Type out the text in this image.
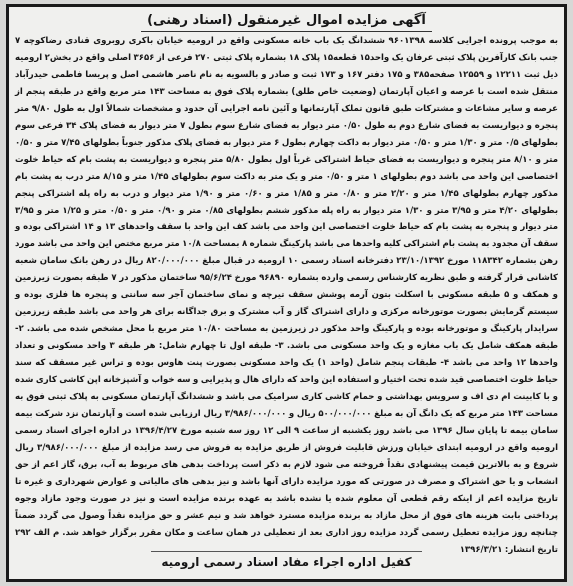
آگهی مزایده اموال غیرمنقول (اسناد رهنی)
به موجب پرونده اجرایی کلاسه ۹۶۰۱۳۹۸ ششدانگ یک باب خانه مسکونی واقع در ارومیه خیابان باکری روبروی قنادی رضاکوچه ۷ جنب بانک کارآفرین پلاک ثبتی عرفان یک واحد۱۵ قطعه۱۵ پلاک ۱۸ بشماره پلاک ثبتی ۲۷۰ فرعی از ۳۶۵۶ اصلی واقع در بخش۲ ارومیه ذیل ثبت ۱۲۲۱۱ و ۱۲۵۵۹ صفحه۳۸۵ و ۱۷۵ دفتر ۱۶۷ و ۱۷۳ ثبت و صادر و بالسویه به نام ناصر هاشمی اصل و پریسا فاطمی حیدرآباد منتقل شده است با عرصه و اعیان آپارتمان (وضعیت خاص طلق) بشماره پلاک فوق به مساحت ۱۴۳ متر مربع واقع در طبقه پنجم از عرصه و سایر مشاعات و مشترکات طبق قانون تملک آپارتمانها و آئین نامه اجرایی آن حدود و مشخصات شمالاً اول به طول ۹/۸۰ متر پنجره و دیواریست به فضای شارع دوم به طول ۰/۵۰ متر دیوار به فضای شارع سوم بطول ۷ متر دیوار به فضای پلاک ۳۴ فرعی سوم بطولهای ۰/۵ متر و ۱/۳۰ متر و ۰/۵۰ متر دیوار به داکت چهارم بطول ۶ متر دیوار به فضای پلاک مذکور جنوباً بطولهای ۷/۴۵ متر و ۰/۵۰ متر و ۸/۱۰ متر پنجره و دیواریست به فضای حیاط اشتراکی غرباً اول بطول ۵/۸۰ متر پنجره و دیواریست به پشت بام که حیاط خلوت اختصاصی این واحد می باشد دوم بطولهای ۱ متر و ۰/۵۰ متر و یک متر به داکت سوم بطولهای ۱/۴۵ متر و ۸/۱۵ متر درب به پشت بام مذکور چهارم بطولهای ۱/۴۵ متر و ۲/۲۰ متر و ۰/۸۰ متر و ۱/۸۵ متر و ۰/۶۰ متر و ۱/۹۰ متر دیوار و درب به راه پله اشتراکی پنجم بطولهای ۴/۲۰ متر و ۳/۹۵ متر و ۱/۳۰ متر دیوار به راه پله مذکور ششم بطولهای ۰/۸۵ متر و ۰/۹۰ متر و ۰/۵۰ متر و ۱/۲۵ متر و ۳/۹۵ متر دیوار و پنجره به پشت بام که حیاط خلوت اختصاصی این واحد می باشد کف این واحد با سقف واحدهای ۱۳ و ۱۴ اشتراکی بوده و سقف آن مجدود به پشت بام اشتراکی کلیه واحدها می باشد پارکینگ شماره ۸ بمساحت ۱۰/۸ متر مربع مختص این واحد می باشد مورد رهن بشماره ۱۱۸۳۴۲ مورخ ۲۳/۱۰/۱۳۹۲ دفترخانه اسناد رسمی ۱۰ ارومیه در قبال مبلغ ۸۲۰/۰۰۰/۰۰۰ ریال در رهن بانک سامان شعبه کاشانی قرار گرفته و طبق نظریه کارشناس رسمی وارده بشماره ۹۶۸۹۰ مورخ ۹۵/۶/۲۴ ساختمان مذکور در ۷ طبقه بصورت زیرزمین و همکف و ۵ طبقه مسکونی با اسکلت بتون آرمه پوشش سقف تیرچه و نمای ساختمان آجر سه سانتی و پنجره ها فلزی بوده و سیستم گرمایش بصورت موتورخانه مرکزی و دارای اشتراک گاز و آب مشترک و برق جداگانه برای هر واحد می باشد طبقه زیرزمین سرایدار پارکینگ و موتورخانه بوده و پارکینگ واحد مذکور در زیرزمین به مساحت ۱۰/۸۰ متر مربع با محل مشخص شده می باشد. ۲- طبقه همکف شامل یک باب مغازه و یک واحد مسکونی می باشد. ۳- طبقه اول تا چهارم شامل: هر طبقه ۳ واحد مسکونی و تعداد واحدها ۱۲ واحد می باشد ۴- طبقات پنجم شامل (واحد ۱) یک واحد مسکونی بصورت پنت هاوس بوده و تراس غیر مسقف که سند حیاط خلوت اختصاصی قید شده تحت اختیار و استفاده این واحد که دارای هال و پذیرایی و سه خواب و آشپزخانه اپن کاشی کاری شده و با کابینت ام دی اف و سرویس بهداشتی و حمام کاشی کاری سرامیک می باشد و ششدانگ آپارتمان مسکونی به پلاک ثبتی فوق به مساحت ۱۴۳ متر مربع که یک دانگ آن به مبلغ ۵۰۰/۰۰۰/۰۰۰ ریال و ۳/۹۸۶/۰۰۰/۰۰۰ ریال ارزیابی شده است و آپارتمان نزد شرکت بیمه سامان بیمه تا پایان سال ۱۳۹۶ می باشد روز یکشنبه از ساعت ۹ الی ۱۲ روز سه شنبه مورخ ۱۳۹۶/۴/۲۷ در اداره اجرای اسناد رسمی ارومیه واقع در ارومیه ابتدای خیابان ورزش قابلیت فروش از طریق مزایده به فروش می رسد مزایده از مبلغ ۳/۹۸۶/۰۰۰/۰۰۰ ریال شروع و به بالاترین قیمت پیشنهادی نقداً فروخته می شود لازم به ذکر است پرداخت بدهی های مربوط به آب، برق، گاز اعم از حق انشعاب و یا حق اشتراک و مصرف در صورتی که مورد مزایده دارای آنها باشد و نیز بدهی های مالیاتی و عوارض شهرداری و غیره تا تاریخ مزایده اعم از اینکه رقم قطعی آن معلوم شده یا نشده باشد به عهده برنده مزایده است و نیز در صورت وجود مازاد وجوه پرداختی بابت هزینه های فوق از محل مازاد به برنده مزایده مسترد خواهد شد و نیم عشر و حق مزایده نقداً وصول می گردد ضمناً چنانچه روز مزایده تعطیل رسمی گردد مزایده روز اداری بعد از تعطیلی در همان ساعت و مکان مقرر برگزار خواهد شد. م الف ۲۹۲ تاریخ انتشار: ۱۳۹۶/۳/۲۱
کفیل اداره اجراء مفاد اسناد رسمی ارومیه
